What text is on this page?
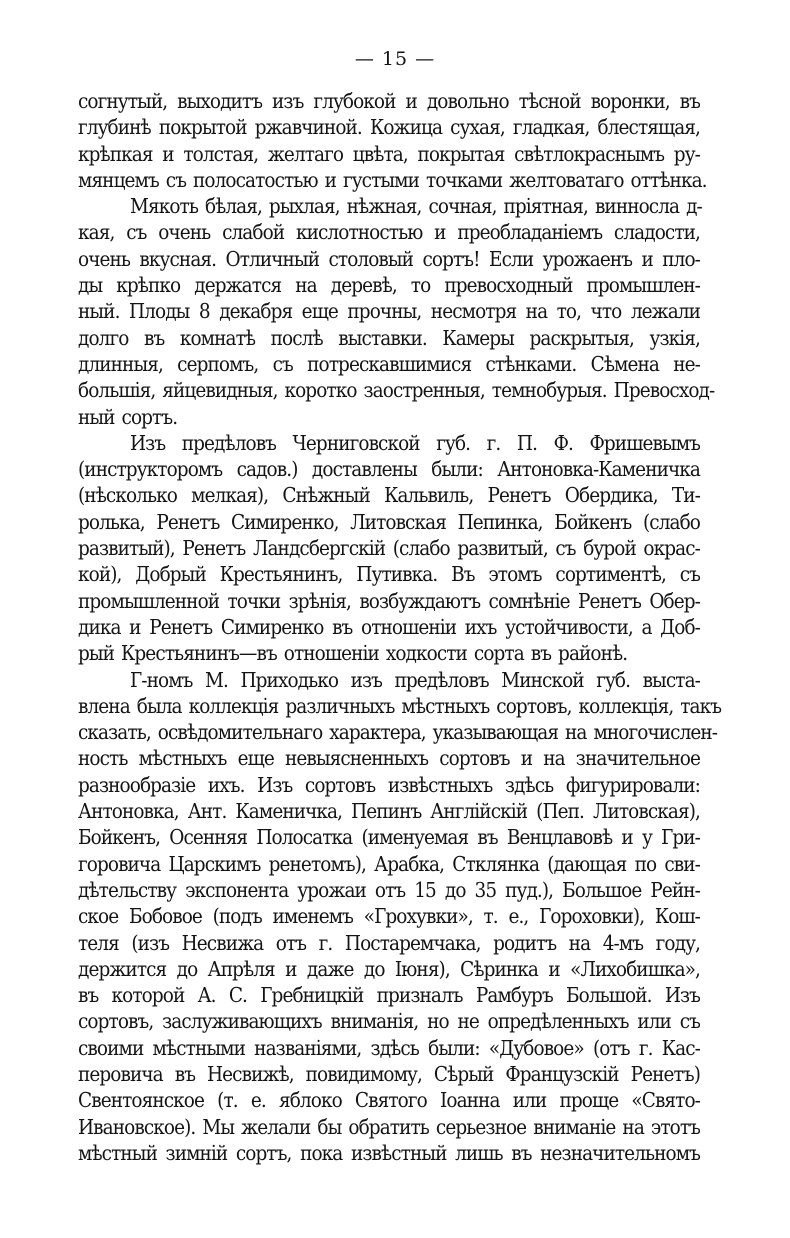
— 15 —
согнутый, выходитъ изъ глубокой и довольно тѣсной воронки, въ
глубинѣ покрытой ржавчиной. Кожица сухая, гладкая, блестящая,
крѣпкая и толстая, желтаго цвѣта, покрытая свѣтлокраснымъ ру-
мянцемъ съ полосатостью и густыми точками желтоватаго оттѣнка.
Мякоть бѣлая, рыхлая, нѣжная, сочная, пріятная, винносла д-
кая, съ очень слабой кислотностью и преобладаніемъ сладости,
очень вкусная. Отличный столовый сортъ! Если урожаенъ и пло-
ды крѣпко держатся на деревѣ, то превосходный промышлен-
ный. Плоды 8 декабря еще прочны, несмотря на то, что лежали
долго въ комнатѣ послѣ выставки. Камеры раскрытыя, узкія,
длинныя, серпомъ, съ потрескавшимися стѣнками. Сѣмена не-
большія, яйцевидныя, коротко заостренныя, темнобурыя. Превосход-
ный сортъ.
Изъ предѣловъ Черниговской губ. г. П. Ф. Фришевымъ
(инструкторомъ садов.) доставлены были: Антоновка-Каменичка
(нѣсколько мелкая), Снѣжный Кальвиль, Ренетъ Обердика, Ти-
ролька, Ренетъ Симиренко, Литовская Пепинка, Бойкенъ (слабо
развитый), Ренетъ Ландсбергскій (слабо развитый, съ бурой окрас-
кой), Добрый Крестьянинъ, Путивка. Въ этомъ сортиментѣ, съ
промышленной точки зрѣнія, возбуждаютъ сомнѣніе Ренетъ Обер-
дика и Ренетъ Симиренко въ отношеніи ихъ устойчивости, а Доб-
рый Крестьянинъ—въ отношеніи ходкости сорта въ районѣ.
Г-номъ М. Приходько изъ предѣловъ Минской губ. выста-
влена была коллекція различныхъ мѣстныхъ сортовъ, коллекція, такъ
сказать, освѣдомительнаго характера, указывающая на многочислен-
ность мѣстныхъ еще невыясненныхъ сортовъ и на значительное
разнообразіе ихъ. Изъ сортовъ извѣстныхъ здѣсь фигурировали:
Антоновка, Ант. Каменичка, Пепинъ Англійскій (Пеп. Литовская),
Бойкенъ, Осенняя Полосатка (именуемая въ Венцлавовѣ и у Гри-
горовича Царскимъ ренетомъ), Арабка, Стклянка (дающая по сви-
дѣтельству экспонента урожаи отъ 15 до 35 пуд.), Большое Рейн-
ское Бобовое (подъ именемъ «Грохувки», т. е., Гороховки), Кош-
теля (изъ Несвижа отъ г. Постаремчака, родитъ на 4-мъ году,
держится до Апрѣля и даже до Іюня), Сѣринка и «Лихобишка»,
въ которой А. С. Гребницкій призналъ Рамбуръ Большой. Изъ
сортовъ, заслуживающихъ вниманія, но не опредѣленныхъ или съ
своими мѣстными названіями, здѣсь были: «Дубовое» (отъ г. Кас-
перовича въ Несвижѣ, повидимому, Сѣрый Французскій Ренетъ)
Свентоянское (т. е. яблоко Святого Іоанна или проще «Свято-
Ивановское). Мы желали бы обратить серьезное вниманіе на этотъ
мѣстный зимній сортъ, пока извѣстный лишь въ незначительномъ
